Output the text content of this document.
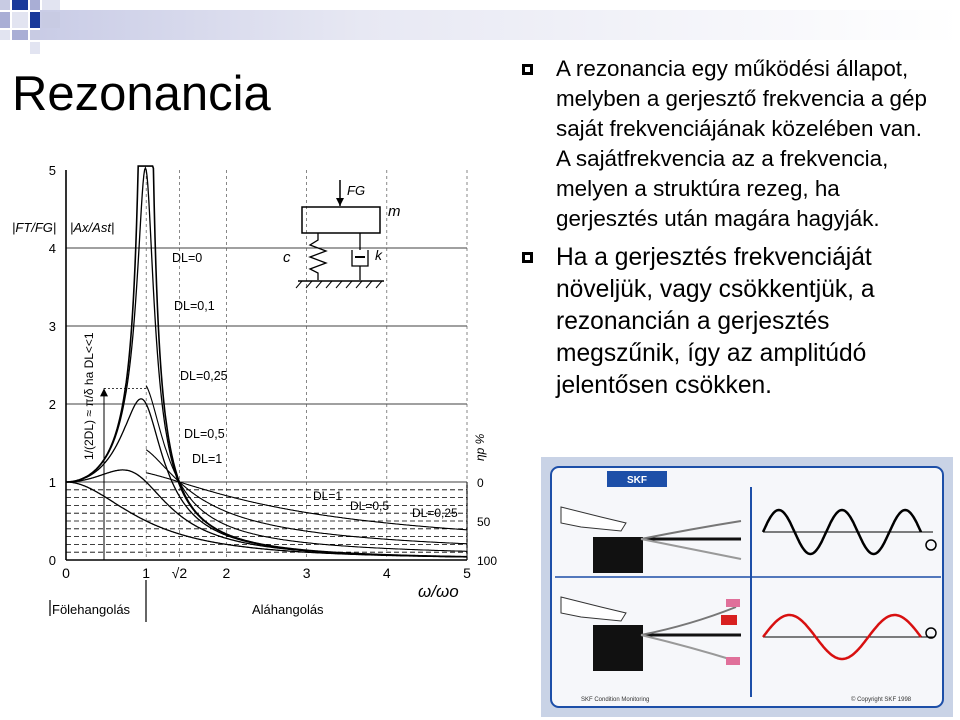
Rezonancia	A rezonancia egy működési állapot, melyben a gerjesztő frekvencia a gép saját frekvenciájának közelében van. A sajátfrekvencia az a frekvencia, melyen a struktúra rezeg, ha gerjesztés után magára hagyják.
Ha a gerjesztés frekvenciáját növeljük, vagy csökkentjük, a rezonancián a gerjesztés megszűnik, így az amplitúdó jelentősen csökken.
0
1
2
3
4
5
0	1 √2	2	3	4	5
0
50
100
|FT/FG| |Ax/Ast|
ηp %
ω/ωo
1/(2DL) ≈ π/δ ha DL<<1
Fölehangolás	Aláhangolás
FG
m
c	k
DL=0
DL=0,1
DL=0,25
DL=0,5
DL=1
DL=1
DL=0,5 DL=0,25
SKF
SKF Condition Monitoring	© Copyright SKF 1998
